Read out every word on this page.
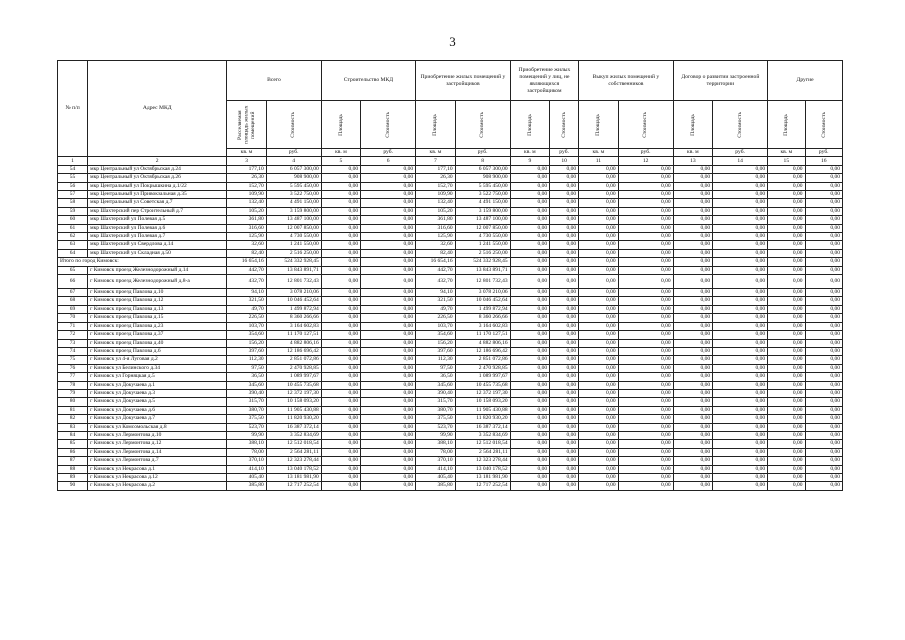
3
№ п/п	Адрес МКД	Всего		Строительство МКД		Приобретение жилых помещений у застройщиков		Приобретение жилых помещений у лиц, не являющихся застройщиком		Выкуп жилых помещений у собственников		Договор о развитии застроенной территории		Другие	

		Расселяемая площадь жилых помещений	Стоимость	Площадь	Стоимость	Площадь	Стоимость	Площадь	Стоимость	Площадь	Стоимость	Площадь	Стоимость	Площадь	Стоимость

		кв. м	руб.	кв. м	руб.	кв. м	руб.	кв. м	руб.	кв. м	руб.	кв. м	руб.	кв. м	руб.
1	2	3	4	5	6	7	8	9	10	11	12	13	14	15	16
54	мкр Центральный ул Октябрьская д.24	177,10	6 057 300,00	0,00	0,00	177,10	6 057 300,00	0,00	0,00	0,00	0,00	0,00	0,00	0,00	0,00
55	мкр Центральный ул Октябрьская д.26	26,30	908 900,00	0,00	0,00	26,30	908 900,00	0,00	0,00	0,00	0,00	0,00	0,00	0,00	0,00
56	мкр Центральный ул Покрышкина д.1/22	152,70	5 595 450,00	0,00	0,00	152,70	5 595 450,00	0,00	0,00	0,00	0,00	0,00	0,00	0,00	0,00
57	мкр Центральный ул Привокзальная д.35	109,90	3 522 750,00	0,00	0,00	109,90	3 522 750,00	0,00	0,00	0,00	0,00	0,00	0,00	0,00	0,00
58	мкр Центральный ул Советская д.7	132,40	4 491 150,00	0,00	0,00	132,40	4 491 150,00	0,00	0,00	0,00	0,00	0,00	0,00	0,00	0,00
59	мкр Шахтерский пер Строительный д.7	105,20	3 159 800,00	0,00	0,00	105,20	3 159 800,00	0,00	0,00	0,00	0,00	0,00	0,00	0,00	0,00
60	мкр Шахтерский ул Полевая д.5	361,80	13 487 100,00	0,00	0,00	361,80	13 487 100,00	0,00	0,00	0,00	0,00	0,00	0,00	0,00	0,00
61	мкр Шахтерский ул Полевая д.6	316,60	12 007 850,00	0,00	0,00	316,60	12 007 850,00	0,00	0,00	0,00	0,00	0,00	0,00	0,00	0,00
62	мкр Шахтерский ул Полевая д.7	125,90	4 730 550,00	0,00	0,00	125,90	4 730 550,00	0,00	0,00	0,00	0,00	0,00	0,00	0,00	0,00
63	мкр Шахтерский ул Свердлова д.14	32,60	1 241 550,00	0,00	0,00	32,60	1 241 550,00	0,00	0,00	0,00	0,00	0,00	0,00	0,00	0,00
64	мкр Шахтерский ул Складная д.50	82,40	2 516 250,00	0,00	0,00	82,40	2 516 250,00	0,00	0,00	0,00	0,00	0,00	0,00	0,00	0,00
Итого по город Кимовск:		16 654,16	524 332 928,45	0,00	0,00	16 654,16	524 332 928,45	0,00	0,00	0,00	0,00	0,00	0,00	0,00	0,00
65	г Кимовск проезд Железнодорожный д.14	442,70	13 843 891,71	0,00	0,00	442,70	13 843 891,71	0,00	0,00	0,00	0,00	0,00	0,00	0,00	0,00
66	г Кимовск проезд Железнодорожный д.8-а	432,70	12 801 732,43	0,00	0,00	432,70	12 801 732,43	0,00	0,00	0,00	0,00	0,00	0,00	0,00	0,00
67	г Кимовск проезд Павлова д.10	94,10	3 078 210,06	0,00	0,00	94,10	3 078 210,06	0,00	0,00	0,00	0,00	0,00	0,00	0,00	0,00
68	г Кимовск проезд Павлова д.12	321,50	10 046 452,64	0,00	0,00	321,50	10 046 452,64	0,00	0,00	0,00	0,00	0,00	0,00	0,00	0,00
69	г Кимовск проезд Павлова д.13	49,70	1 499 872,94	0,00	0,00	49,70	1 499 872,94	0,00	0,00	0,00	0,00	0,00	0,00	0,00	0,00
70	г Кимовск проезд Павлова д.15	226,50	8 360 266,66	0,00	0,00	226,50	8 360 266,66	0,00	0,00	0,00	0,00	0,00	0,00	0,00	0,00
71	г Кимовск проезд Павлова д.23	103,70	3 164 602,83	0,00	0,00	103,70	3 164 602,83	0,00	0,00	0,00	0,00	0,00	0,00	0,00	0,00
72	г Кимовск проезд Павлова д.37	354,60	11 170 127,51	0,00	0,00	354,60	11 170 127,51	0,00	0,00	0,00	0,00	0,00	0,00	0,00	0,00
73	г Кимовск проезд Павлова д.40	156,20	4 882 806,16	0,00	0,00	156,20	4 882 806,16	0,00	0,00	0,00	0,00	0,00	0,00	0,00	0,00
74	г Кимовск проезд Павлова д.6	397,60	12 186 696,42	0,00	0,00	397,60	12 186 696,42	0,00	0,00	0,00	0,00	0,00	0,00	0,00	0,00
75	г Кимовск ул 4-я Луговая д.2	112,30	2 851 072,86	0,00	0,00	112,30	2 851 072,86	0,00	0,00	0,00	0,00	0,00	0,00	0,00	0,00
76	г Кимовск ул Белинского д.34	97,50	2 470 928,85	0,00	0,00	97,50	2 470 928,85	0,00	0,00	0,00	0,00	0,00	0,00	0,00	0,00
77	г Кимовск ул Горняцкая д.5	36,50	1 089 997,67	0,00	0,00	36,50	1 089 997,67	0,00	0,00	0,00	0,00	0,00	0,00	0,00	0,00
78	г Кимовск ул Докучаева д.1	345,60	10 455 735,68	0,00	0,00	345,60	10 455 735,68	0,00	0,00	0,00	0,00	0,00	0,00	0,00	0,00
79	г Кимовск ул Докучаева д.3	390,40	12 372 197,30	0,00	0,00	390,40	12 372 197,30	0,00	0,00	0,00	0,00	0,00	0,00	0,00	0,00
80	г Кимовск ул Докучаева д.5	315,70	10 158 093,20	0,00	0,00	315,70	10 158 093,20	0,00	0,00	0,00	0,00	0,00	0,00	0,00	0,00
81	г Кимовск ул Докучаева д.6	380,70	11 905 430,88	0,00	0,00	380,70	11 905 430,88	0,00	0,00	0,00	0,00	0,00	0,00	0,00	0,00
82	г Кимовск ул Докучаева д.7	375,50	11 820 930,20	0,00	0,00	375,50	11 820 930,20	0,00	0,00	0,00	0,00	0,00	0,00	0,00	0,00
83	г Кимовск ул Комсомольская д.8	523,70	16 387 372,14	0,00	0,00	523,70	16 387 372,14	0,00	0,00	0,00	0,00	0,00	0,00	0,00	0,00
84	г Кимовск ул Лермонтова д.10	99,90	3 352 834,69	0,00	0,00	99,90	3 352 834,69	0,00	0,00	0,00	0,00	0,00	0,00	0,00	0,00
85	г Кимовск ул Лермонтова д.12	388,10	12 512 018,54	0,00	0,00	388,10	12 512 018,54	0,00	0,00	0,00	0,00	0,00	0,00	0,00	0,00
86	г Кимовск ул Лермонтова д.14	78,00	2 564 281,11	0,00	0,00	78,00	2 564 281,11	0,00	0,00	0,00	0,00	0,00	0,00	0,00	0,00
87	г Кимовск ул Лермонтова д.7	370,10	12 323 278,44	0,00	0,00	370,10	12 323 278,44	0,00	0,00	0,00	0,00	0,00	0,00	0,00	0,00
88	г Кимовск ул Некрасова д.1	414,10	13 040 178,52	0,00	0,00	414,10	13 040 178,52	0,00	0,00	0,00	0,00	0,00	0,00	0,00	0,00
89	г Кимовск ул Некрасова д.12	405,40	13 181 981,90	0,00	0,00	405,40	13 181 981,90	0,00	0,00	0,00	0,00	0,00	0,00	0,00	0,00
90	г Кимовск ул Некрасова д.2	385,80	12 717 252,54	0,00	0,00	385,80	12 717 252,54	0,00	0,00	0,00	0,00	0,00	0,00	0,00	0,00
